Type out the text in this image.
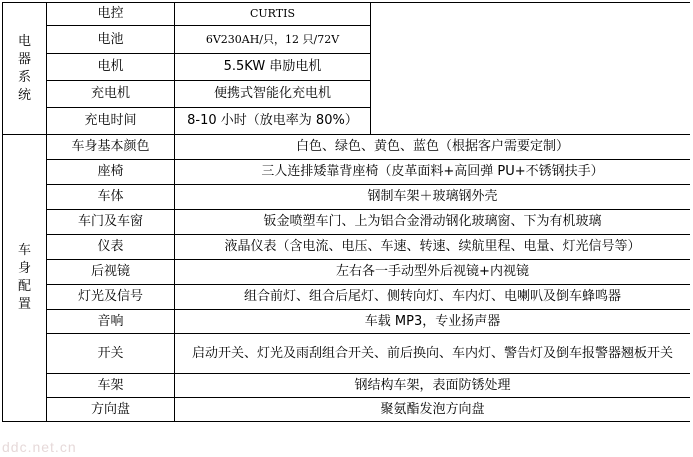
电
器
系
统	电控	CURTIS	
	电池	6V230AH/只，12 只/72V	
	电机	5.5KW 串励电机	
	充电机	便携式智能化充电机	
	充电时间	8-10 小时（放电率为 80%）	

车
身
配
置	车身基本颜色	白色、绿色、黄色、蓝色（根据客户需要定制）	
	座椅	三人连排矮靠背座椅（皮革面料+高回弹 PU+不锈钢扶手）	
	车体	钢制车架＋玻璃钢外壳	
	车门及车窗	钣金喷塑车门、上为铝合金滑动钢化玻璃窗、下为有机玻璃	
	仪表	液晶仪表（含电流、电压、车速、转速、续航里程、电量、灯光信号等）	
	后视镜	左右各一手动型外后视镜+内视镜	
	灯光及信号	组合前灯、组合后尾灯、侧转向灯、车内灯、电喇叭及倒车蜂鸣器	
	音响	车载 MP3，专业扬声器	
	开关	启动开关、灯光及雨刮组合开关、前后换向、车内灯、警告灯及倒车报警器翘板开关	
	车架	钢结构车架，表面防锈处理	
	方向盘	聚氨酯发泡方向盘	
ddc.net.cn
